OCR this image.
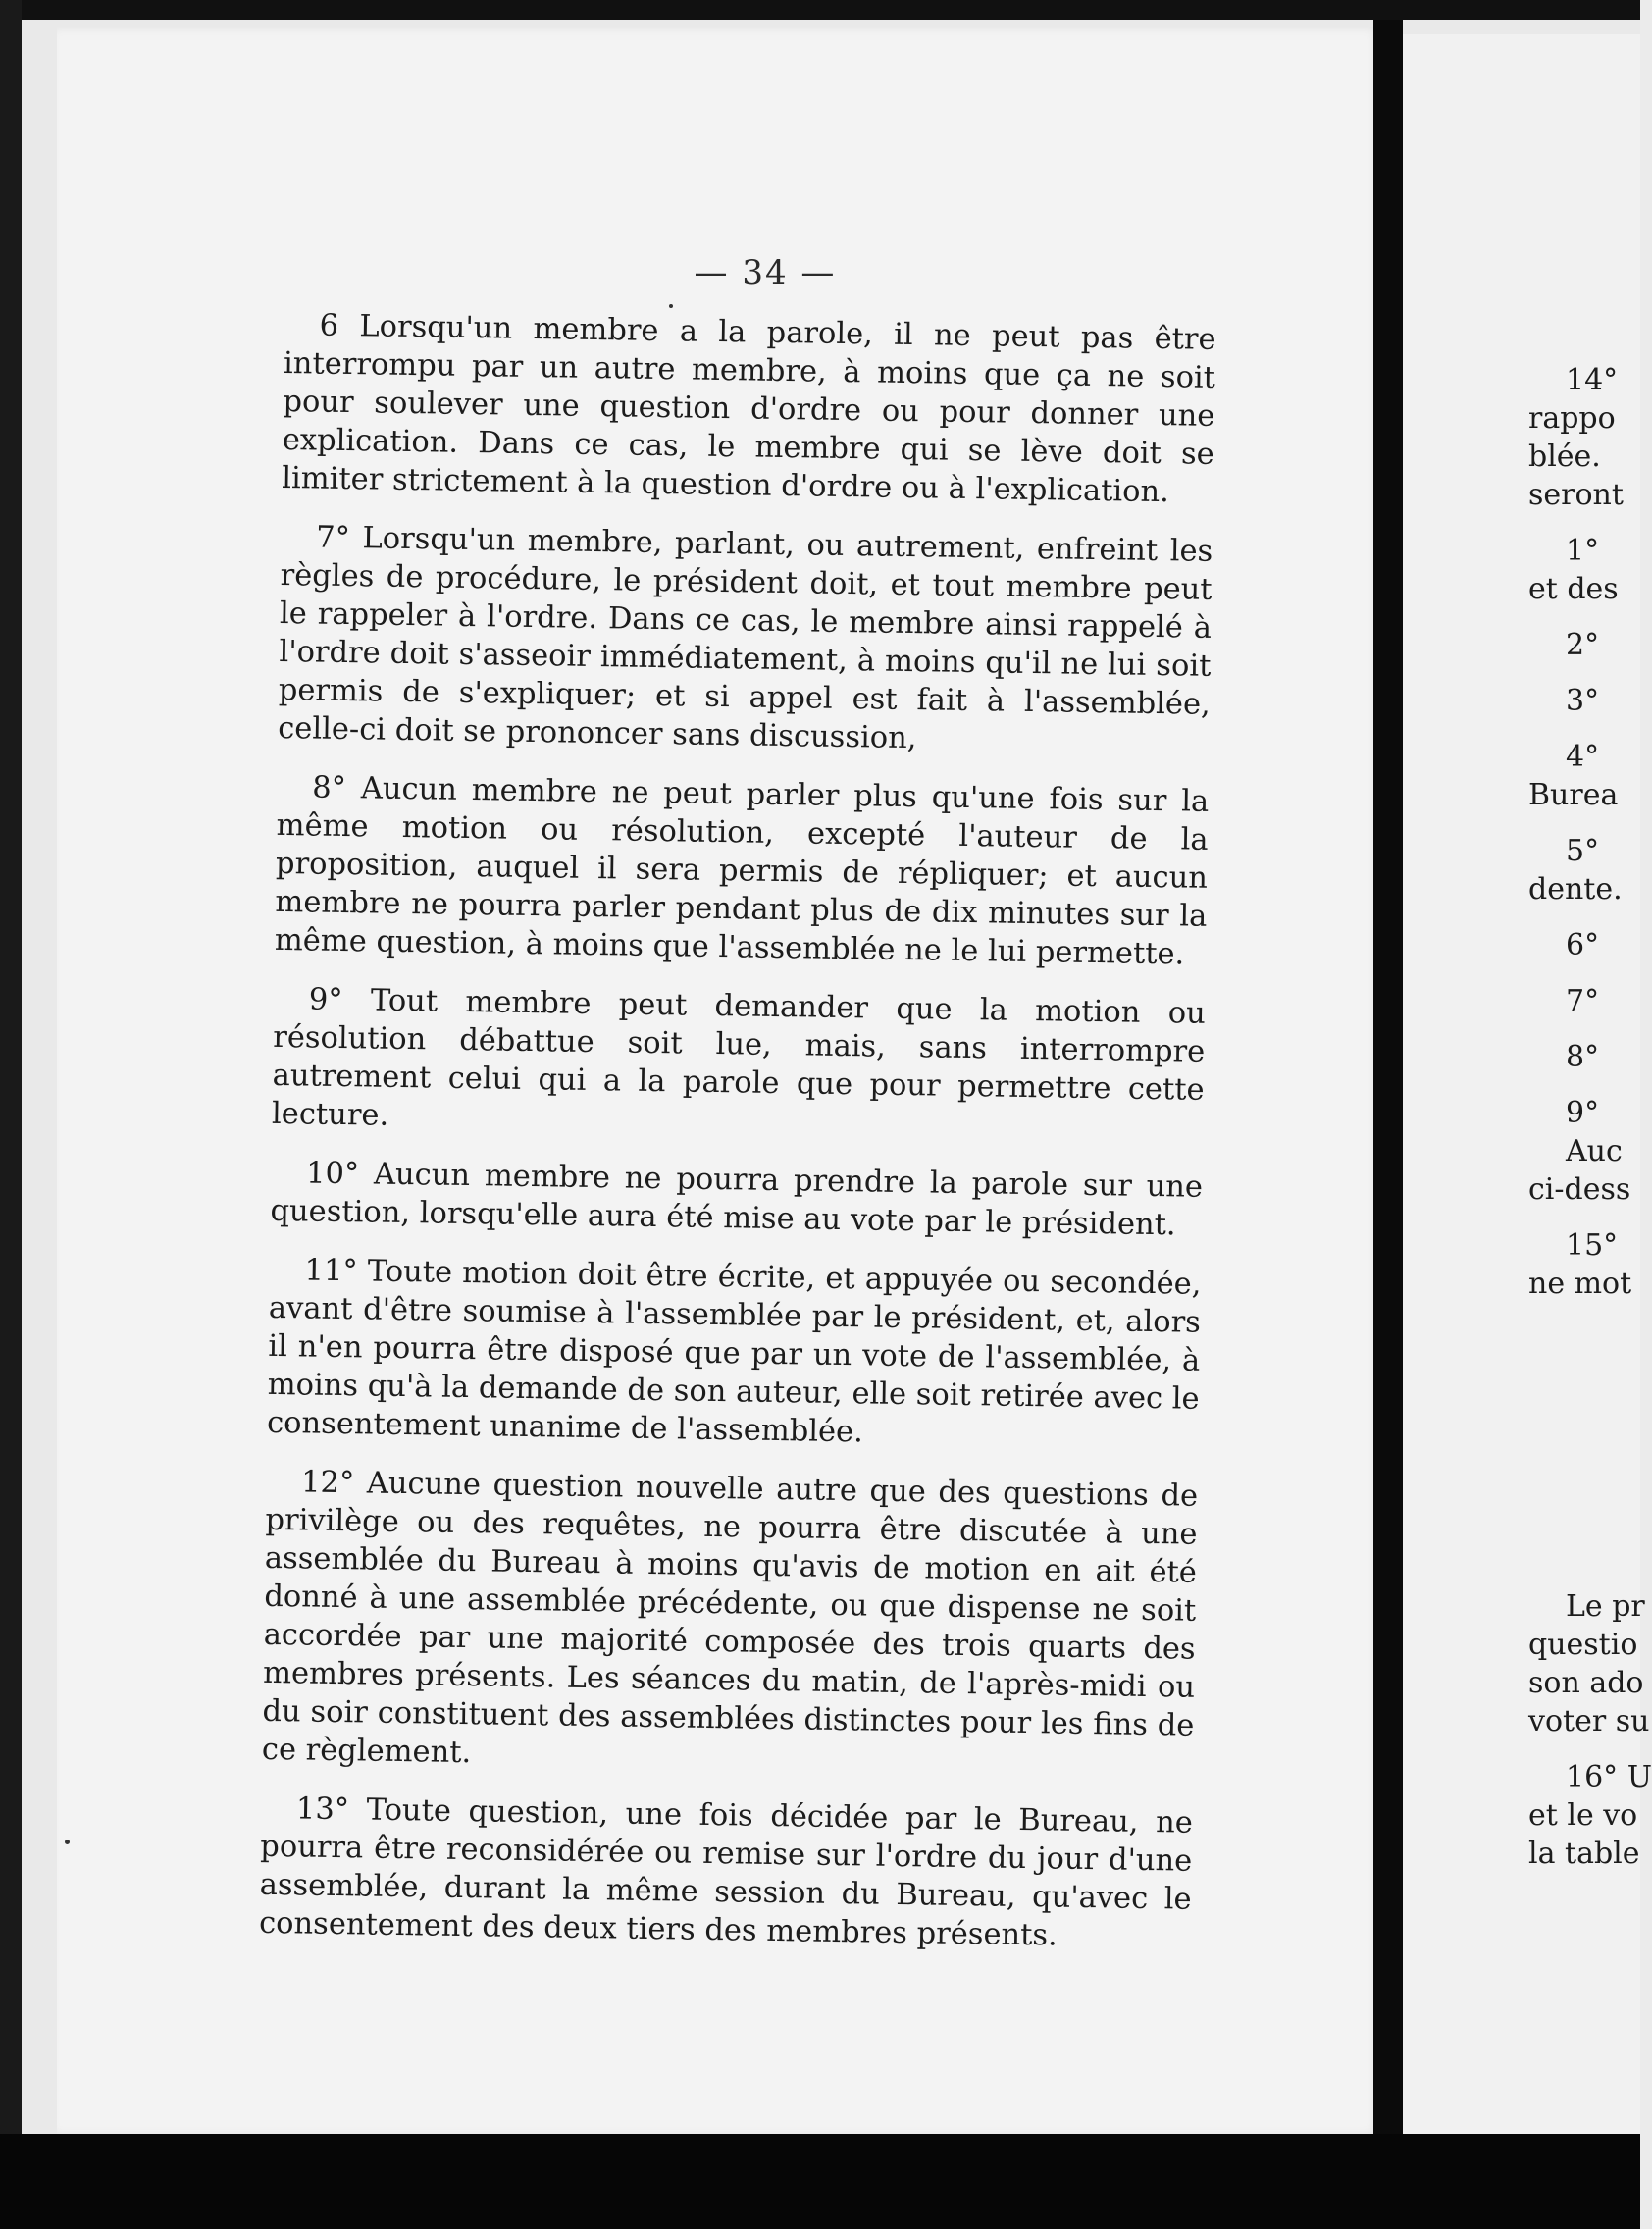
— 34 —

6 Lorsqu'un membre a la parole, il ne peut pas être interrompu par un autre membre, à moins que ça ne soit pour soulever une question d'ordre ou pour donner une explication. Dans ce cas, le membre qui se lève doit se limiter strictement à la question d'ordre ou à l'explication.

7° Lorsqu'un membre, parlant, ou autrement, enfreint les règles de procédure, le président doit, et tout membre peut le rappeler à l'ordre. Dans ce cas, le membre ainsi rappelé à l'ordre doit s'asseoir immédiatement, à moins qu'il ne lui soit permis de s'expliquer; et si appel est fait à l'assemblée, celle-ci doit se prononcer sans discussion,

8° Aucun membre ne peut parler plus qu'une fois sur la même motion ou résolution, excepté l'auteur de la proposition, auquel il sera permis de répliquer; et aucun membre ne pourra parler pendant plus de dix minutes sur la même question, à moins que l'assemblée ne le lui permette.

9° Tout membre peut demander que la motion ou résolution débattue soit lue, mais, sans interrompre autrement celui qui a la parole que pour permettre cette lecture.

10° Aucun membre ne pourra prendre la parole sur une question, lorsqu'elle aura été mise au vote par le président.

11° Toute motion doit être écrite, et appuyée ou secondée, avant d'être soumise à l'assemblée par le président, et, alors il n'en pourra être disposé que par un vote de l'assemblée, à moins qu'à la demande de son auteur, elle soit retirée avec le consentement unanime de l'assemblée.

12° Aucune question nouvelle autre que des questions de privilège ou des requêtes, ne pourra être discutée à une assemblée du Bureau à moins qu'avis de motion en ait été donné à une assemblée précédente, ou que dispense ne soit accordée par une majorité composée des trois quarts des membres présents. Les séances du matin, de l'après-midi ou du soir constituent des assemblées distinctes pour les fins de ce règlement.

13° Toute question, une fois décidée par le Bureau, ne pourra être reconsidérée ou remise sur l'ordre du jour d'une assemblée, durant la même session du Bureau, qu'avec le consentement des deux tiers des membres présents.

14°
rappo
blée.
seront
1°
et des
2°
3°
4°
Burea
5°
dente.
6°
7°
8°
9°
Auc
ci-dess
15°
ne mot
Le pr
questio
son ado
voter su
16° U
et le vo
la table
